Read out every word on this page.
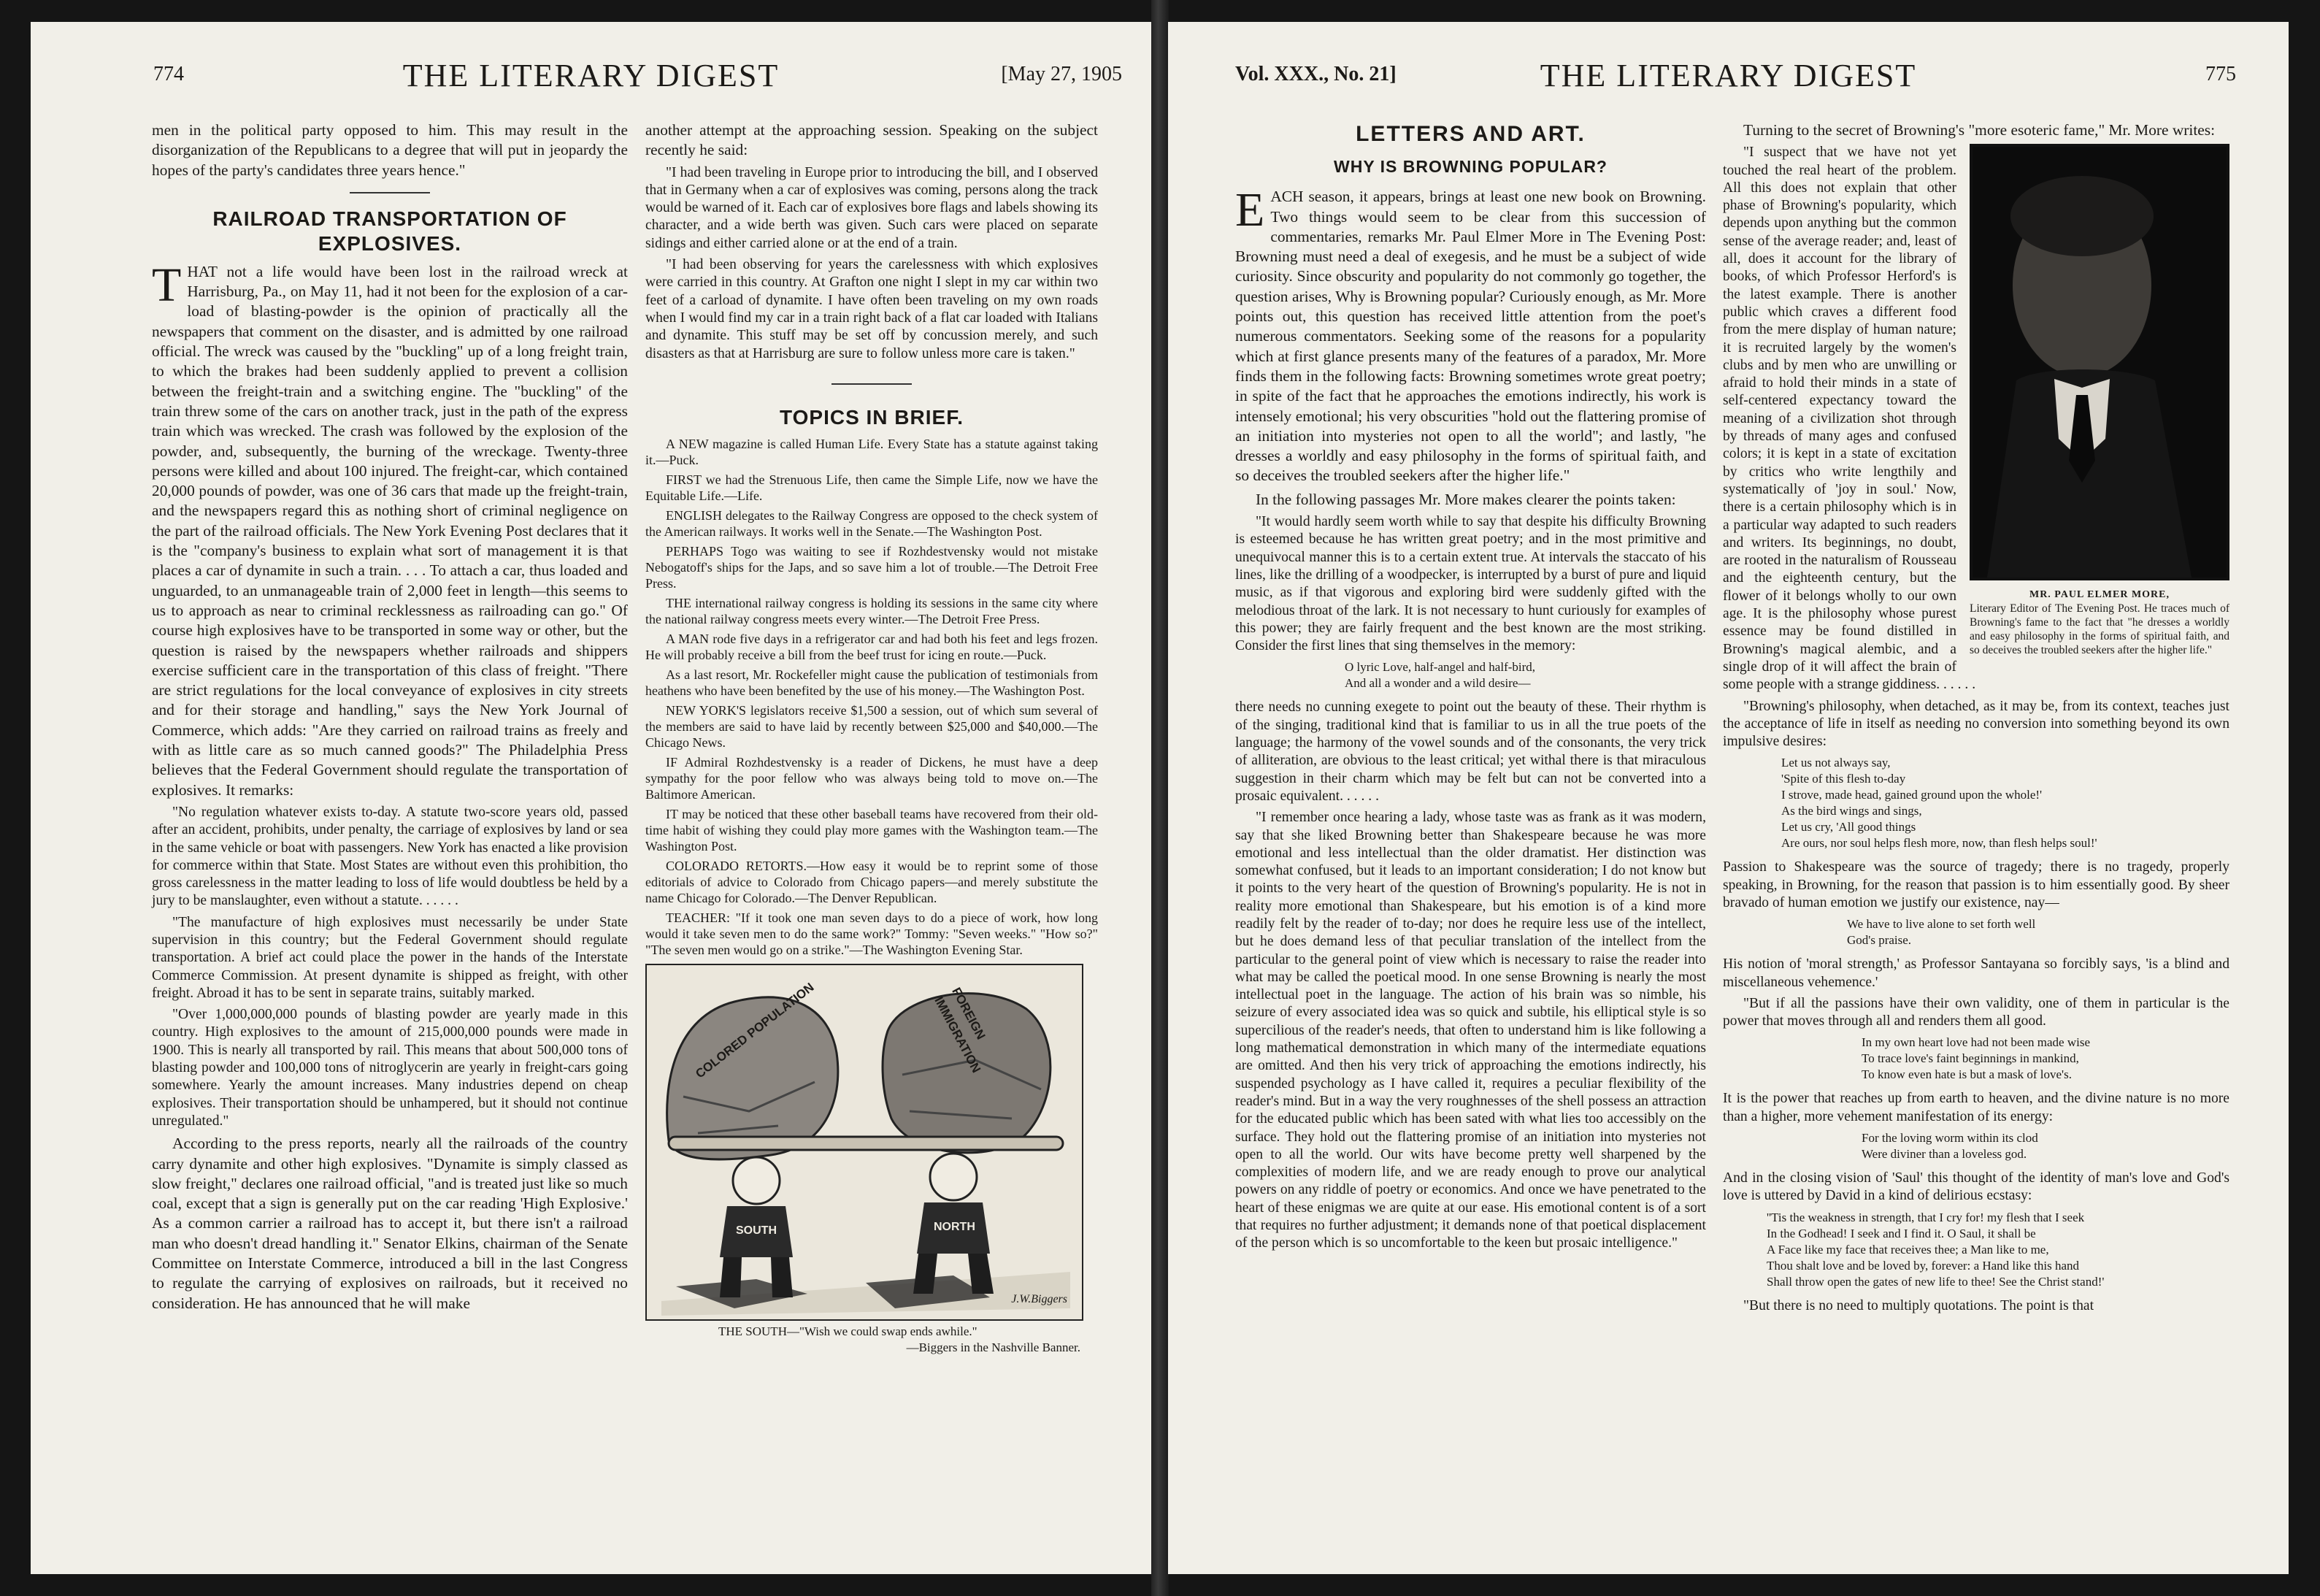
774	THE LITERARY DIGEST	[May 27, 1905

men in the political party opposed to him. This may result in the disorganization of the Republicans to a degree that will put in jeopardy the hopes of the party's candidates three years hence."

RAILROAD TRANSPORTATION OF EXPLOSIVES.

THAT not a life would have been lost in the railroad wreck at Harrisburg, Pa., on May 11, had it not been for the explosion of a car-load of blasting-powder is the opinion of practically all the newspapers that comment on the disaster, and is admitted by one railroad official. The wreck was caused by the "buckling" up of a long freight train, to which the brakes had been suddenly applied to prevent a collision between the freight-train and a switching engine. The "buckling" of the train threw some of the cars on another track, just in the path of the express train which was wrecked. The crash was followed by the explosion of the powder, and, subsequently, the burning of the wreckage. Twenty-three persons were killed and about 100 injured. The freight-car, which contained 20,000 pounds of powder, was one of 36 cars that made up the freight-train, and the newspapers regard this as nothing short of criminal negligence on the part of the railroad officials. The New York Evening Post declares that it is the "company's business to explain what sort of management it is that places a car of dynamite in such a train. . . . To attach a car, thus loaded and unguarded, to an unmanageable train of 2,000 feet in length—this seems to us to approach as near to criminal recklessness as railroading can go." Of course high explosives have to be transported in some way or other, but the question is raised by the newspapers whether railroads and shippers exercise sufficient care in the transportation of this class of freight. "There are strict regulations for the local conveyance of explosives in city streets and for their storage and handling," says the New York Journal of Commerce, which adds: "Are they carried on railroad trains as freely and with as little care as so much canned goods?" The Philadelphia Press believes that the Federal Government should regulate the transportation of explosives. It remarks:

"No regulation whatever exists to-day. A statute two-score years old, passed after an accident, prohibits, under penalty, the carriage of explosives by land or sea in the same vehicle or boat with passengers. New York has enacted a like provision for commerce within that State. Most States are without even this prohibition, tho gross carelessness in the matter leading to loss of life would doubtless be held by a jury to be manslaughter, even without a statute. . . . . .

"The manufacture of high explosives must necessarily be under State supervision in this country; but the Federal Government should regulate transportation. A brief act could place the power in the hands of the Interstate Commerce Commission. At present dynamite is shipped as freight, with other freight. Abroad it has to be sent in separate trains, suitably marked.

"Over 1,000,000,000 pounds of blasting powder are yearly made in this country. High explosives to the amount of 215,000,000 pounds were made in 1900. This is nearly all transported by rail. This means that about 500,000 tons of blasting powder and 100,000 tons of nitroglycerin are yearly in freight-cars going somewhere. Yearly the amount increases. Many industries depend on cheap explosives. Their transportation should be unhampered, but it should not continue unregulated."

According to the press reports, nearly all the railroads of the country carry dynamite and other high explosives. "Dynamite is simply classed as slow freight," declares one railroad official, "and is treated just like so much coal, except that a sign is generally put on the car reading 'High Explosive.' As a common carrier a railroad has to accept it, but there isn't a railroad man who doesn't dread handling it." Senator Elkins, chairman of the Senate Committee on Interstate Commerce, introduced a bill in the last Congress to regulate the carrying of explosives on railroads, but it received no consideration. He has announced that he will make

another attempt at the approaching session. Speaking on the subject recently he said:

"I had been traveling in Europe prior to introducing the bill, and I observed that in Germany when a car of explosives was coming, persons along the track would be warned of it. Each car of explosives bore flags and labels showing its character, and a wide berth was given. Such cars were placed on separate sidings and either carried alone or at the end of a train.

"I had been observing for years the carelessness with which explosives were carried in this country. At Grafton one night I slept in my car within two feet of a carload of dynamite. I have often been traveling on my own roads when I would find my car in a train right back of a flat car loaded with Italians and dynamite. This stuff may be set off by concussion merely, and such disasters as that at Harrisburg are sure to follow unless more care is taken."

TOPICS IN BRIEF.

A NEW magazine is called Human Life. Every State has a statute against taking it.—Puck.

FIRST we had the Strenuous Life, then came the Simple Life, now we have the Equitable Life.—Life.

ENGLISH delegates to the Railway Congress are opposed to the check system of the American railways. It works well in the Senate.—The Washington Post.

PERHAPS Togo was waiting to see if Rozhdestvensky would not mistake Nebogatoff's ships for the Japs, and so save him a lot of trouble.—The Detroit Free Press.

THE international railway congress is holding its sessions in the same city where the national railway congress meets every winter.—The Detroit Free Press.

A MAN rode five days in a refrigerator car and had both his feet and legs frozen. He will probably receive a bill from the beef trust for icing en route.—Puck.

As a last resort, Mr. Rockefeller might cause the publication of testimonials from heathens who have been benefited by the use of his money.—The Washington Post.

NEW YORK'S legislators receive $1,500 a session, out of which sum several of the members are said to have laid by recently between $25,000 and $40,000.—The Chicago News.

IF Admiral Rozhdestvensky is a reader of Dickens, he must have a deep sympathy for the poor fellow who was always being told to move on.—The Baltimore American.

IT may be noticed that these other baseball teams have recovered from their old-time habit of wishing they could play more games with the Washington team.—The Washington Post.

COLORADO RETORTS.—How easy it would be to reprint some of those editorials of advice to Colorado from Chicago papers—and merely substitute the name Chicago for Colorado.—The Denver Republican.

TEACHER: "If it took one man seven days to do a piece of work, how long would it take seven men to do the same work?" Tommy: "Seven weeks." "How so?" "The seven men would go on a strike."—The Washington Evening Star.

COLORED POPULATION	FOREIGN IMMIGRATION
SOUTH	NORTH
J.W.Biggers
THE SOUTH—"Wish we could swap ends awhile."
—Biggers in the Nashville Banner.
Vol. XXX., No. 21]	THE LITERARY DIGEST	775
LETTERS AND ART.
WHY IS BROWNING POPULAR?

EACH season, it appears, brings at least one new book on Browning. Two things would seem to be clear from this succession of commentaries, remarks Mr. Paul Elmer More in The Evening Post: Browning must need a deal of exegesis, and he must be a subject of wide curiosity. Since obscurity and popularity do not commonly go together, the question arises, Why is Browning popular? Curiously enough, as Mr. More points out, this question has received little attention from the poet's numerous commentators. Seeking some of the reasons for a popularity which at first glance presents many of the features of a paradox, Mr. More finds them in the following facts: Browning sometimes wrote great poetry; in spite of the fact that he approaches the emotions indirectly, his work is intensely emotional; his very obscurities "hold out the flattering promise of an initiation into mysteries not open to all the world"; and lastly, "he dresses a worldly and easy philosophy in the forms of spiritual faith, and so deceives the troubled seekers after the higher life."

In the following passages Mr. More makes clearer the points taken:

"It would hardly seem worth while to say that despite his difficulty Browning is esteemed because he has written great poetry; and in the most primitive and unequivocal manner this is to a certain extent true. At intervals the staccato of his lines, like the drilling of a woodpecker, is interrupted by a burst of pure and liquid music, as if that vigorous and exploring bird were suddenly gifted with the melodious throat of the lark. It is not necessary to hunt curiously for examples of this power; they are fairly frequent and the best known are the most striking. Consider the first lines that sing themselves in the memory:

O lyric Love, half-angel and half-bird,
And all a wonder and a wild desire—

there needs no cunning exegete to point out the beauty of these. Their rhythm is of the singing, traditional kind that is familiar to us in all the true poets of the language; the harmony of the vowel sounds and of the consonants, the very trick of alliteration, are obvious to the least critical; yet withal there is that miraculous suggestion in their charm which may be felt but can not be converted into a prosaic equivalent. . . . . .

"I remember once hearing a lady, whose taste was as frank as it was modern, say that she liked Browning better than Shakespeare because he was more emotional and less intellectual than the older dramatist. Her distinction was somewhat confused, but it leads to an important consideration; I do not know but it points to the very heart of the question of Browning's popularity. He is not in reality more emotional than Shakespeare, but his emotion is of a kind more readily felt by the reader of to-day; nor does he require less use of the intellect, but he does demand less of that peculiar translation of the intellect from the particular to the general point of view which is necessary to raise the reader into what may be called the poetical mood. In one sense Browning is nearly the most intellectual poet in the language. The action of his brain was so nimble, his seizure of every associated idea was so quick and subtile, his elliptical style is so supercilious of the reader's needs, that often to understand him is like following a long mathematical demonstration in which many of the intermediate equations are omitted. And then his very trick of approaching the emotions indirectly, his suspended psychology as I have called it, requires a peculiar flexibility of the reader's mind. But in a way the very roughnesses of the shell possess an attraction for the educated public which has been sated with what lies too accessibly on the surface. They hold out the flattering promise of an initiation into mysteries not open to all the world. Our wits have become pretty well sharpened by the complexities of modern life, and we are ready enough to prove our analytical powers on any riddle of poetry or economics. And once we have penetrated to the heart of these enigmas we are quite at our ease. His emotional content is of a sort that requires no further adjustment; it demands none of that poetical displacement of the person which is so uncomfortable to the keen but prosaic intelligence."

Turning to the secret of Browning's "more esoteric fame," Mr. More writes:

MR. PAUL ELMER MORE,
Literary Editor of The Evening Post. He traces much of Browning's fame to the fact that "he dresses a worldly and easy philosophy in the forms of spiritual faith, and so deceives the troubled seekers after the higher life."

"I suspect that we have not yet touched the real heart of the problem. All this does not explain that other phase of Browning's popularity, which depends upon anything but the common sense of the average reader; and, least of all, does it account for the library of books, of which Professor Herford's is the latest example. There is another public which craves a different food from the mere display of human nature; it is recruited largely by the women's clubs and by men who are unwilling or afraid to hold their minds in a state of self-centered expectancy toward the meaning of a civilization shot through by threads of many ages and confused colors; it is kept in a state of excitation by critics who write lengthily and systematically of 'joy in soul.' Now, there is a certain philosophy which is in a particular way adapted to such readers and writers. Its beginnings, no doubt, are rooted in the naturalism of Rousseau and the eighteenth century, but the flower of it belongs wholly to our own age. It is the philosophy whose purest essence may be found distilled in Browning's magical alembic, and a single drop of it will affect the brain of some people with a strange giddiness. . . . . .

"Browning's philosophy, when detached, as it may be, from its context, teaches just the acceptance of life in itself as needing no conversion into something beyond its own impulsive desires:

Let us not always say,
'Spite of this flesh to-day
I strove, made head, gained ground upon the whole!'
As the bird wings and sings,
Let us cry, 'All good things
Are ours, nor soul helps flesh more, now, than flesh helps soul!'

Passion to Shakespeare was the source of tragedy; there is no tragedy, properly speaking, in Browning, for the reason that passion is to him essentially good. By sheer bravado of human emotion we justify our existence, nay—

We have to live alone to set forth well
God's praise.

His notion of 'moral strength,' as Professor Santayana so forcibly says, 'is a blind and miscellaneous vehemence.'

"But if all the passions have their own validity, one of them in particular is the power that moves through all and renders them all good.

In my own heart love had not been made wise
To trace love's faint beginnings in mankind,
To know even hate is but a mask of love's.

It is the power that reaches up from earth to heaven, and the divine nature is no more than a higher, more vehement manifestation of its energy:

For the loving worm within its clod
Were diviner than a loveless god.

And in the closing vision of 'Saul' this thought of the identity of man's love and God's love is uttered by David in a kind of delirious ecstasy:

''Tis the weakness in strength, that I cry for! my flesh that I seek
In the Godhead! I seek and I find it. O Saul, it shall be
A Face like my face that receives thee; a Man like to me,
Thou shalt love and be loved by, forever: a Hand like this hand
Shall throw open the gates of new life to thee! See the Christ stand!'

"But there is no need to multiply quotations. The point is that
